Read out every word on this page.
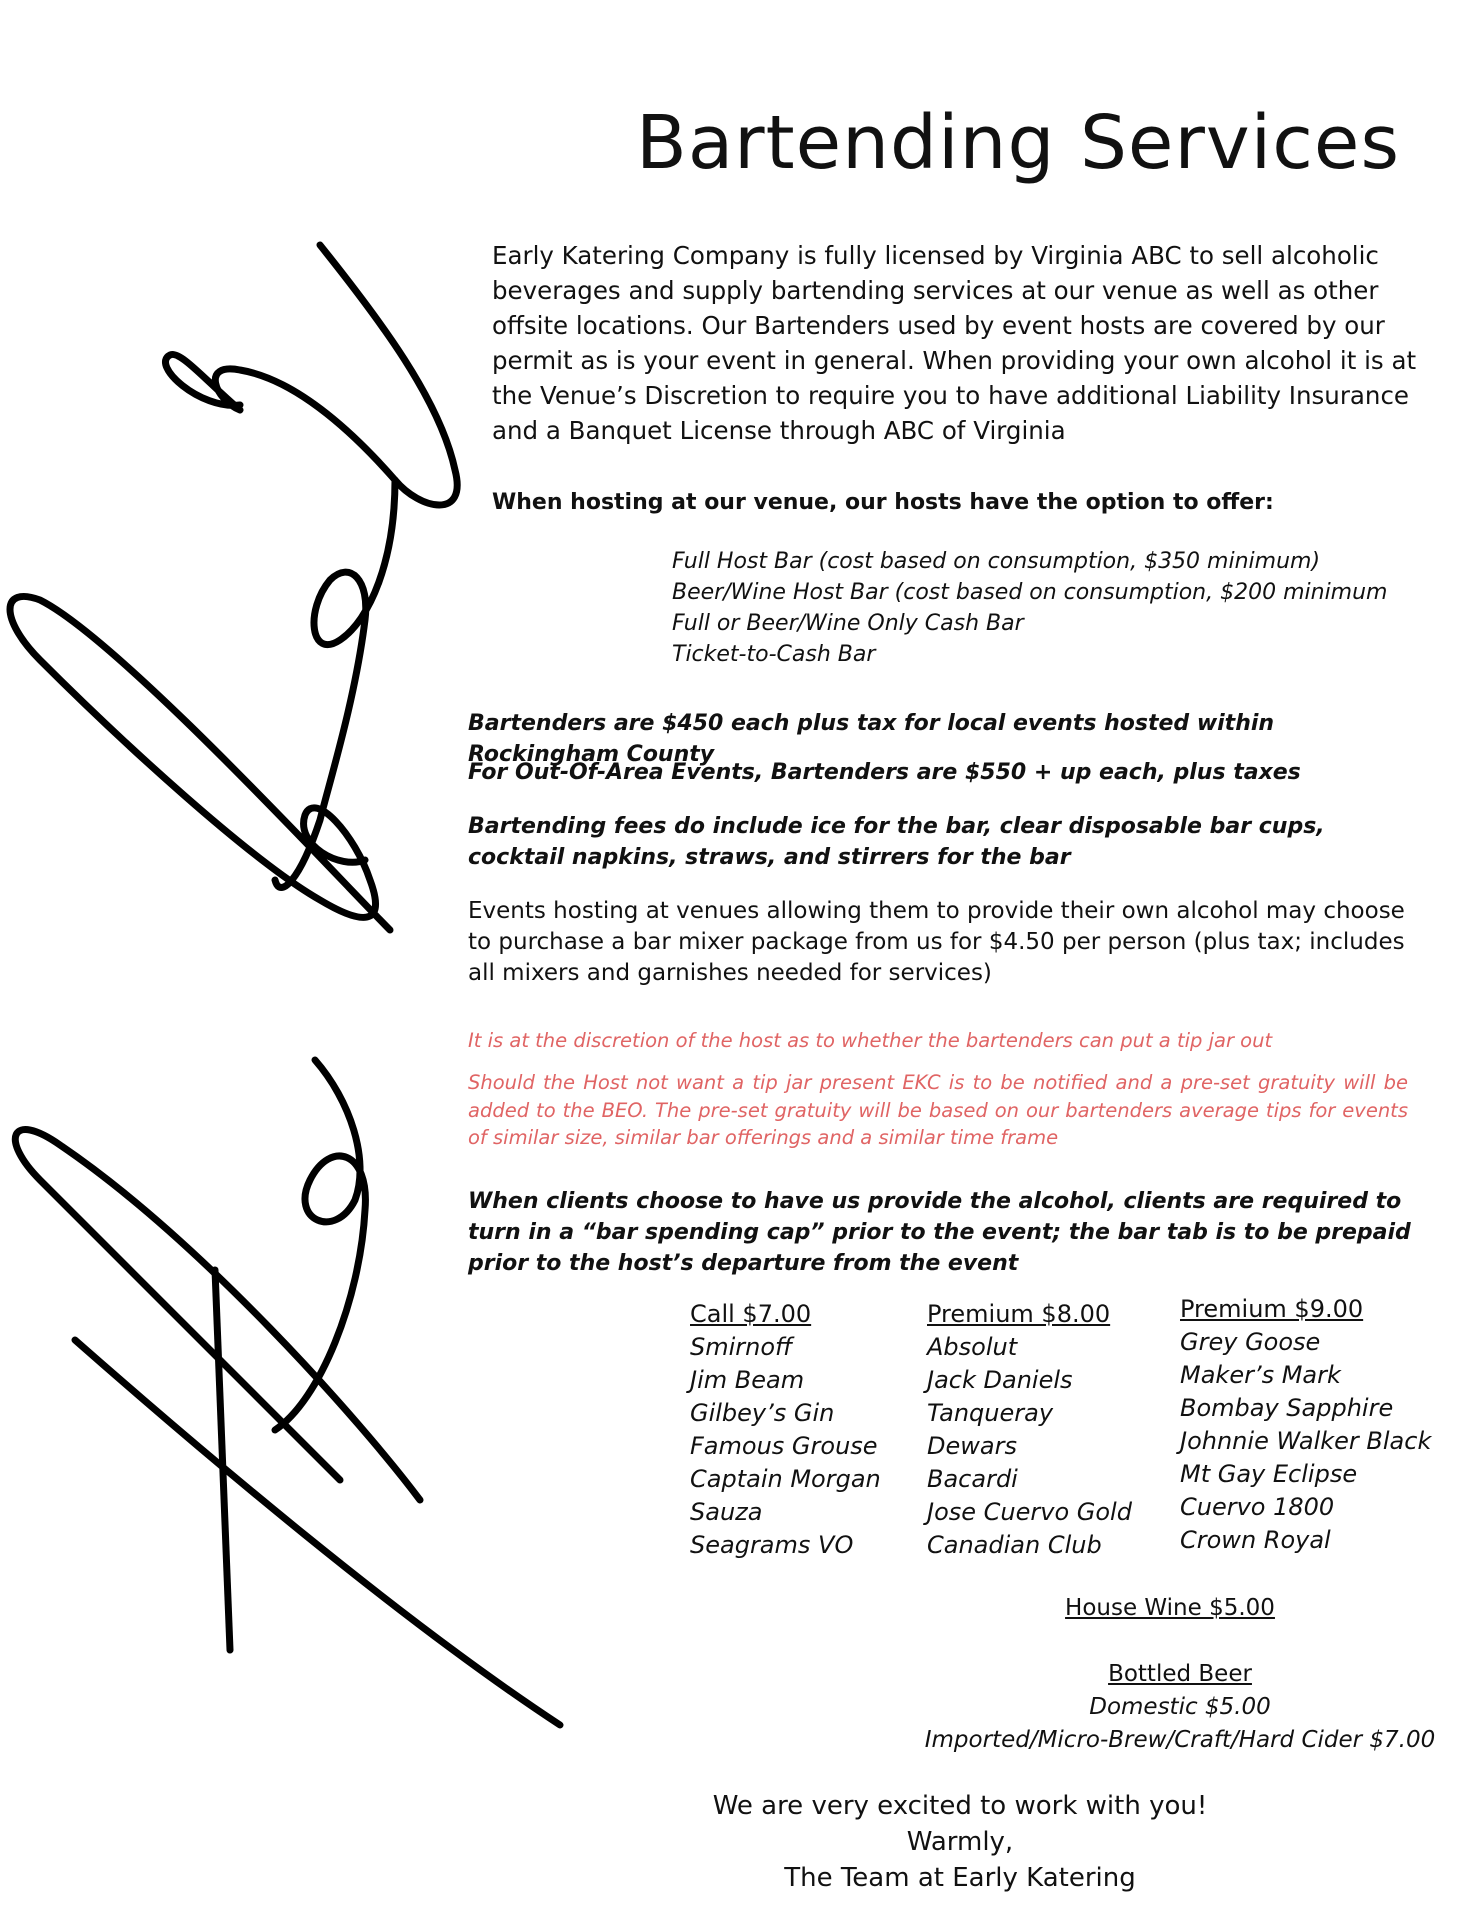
Bartending Services
Early Katering Company is fully licensed by Virginia ABC to sell alcoholic beverages and supply bartending services at our venue as well as other offsite locations. Our Bartenders used by event hosts are covered by our permit as is your event in general. When providing your own alcohol it is at the Venue’s Discretion to require you to have additional Liability Insurance and a Banquet License through ABC of Virginia
When hosting at our venue, our hosts have the option to offer:
Full Host Bar (cost based on consumption, $350 minimum)
Beer/Wine Host Bar (cost based on consumption, $200 minimum
Full or Beer/Wine Only Cash Bar
Ticket-to-Cash Bar
Bartenders are $450 each plus tax for local events hosted within Rockingham County
For Out-Of-Area Events, Bartenders are $550 + up each, plus taxes
Bartending fees do include ice for the bar, clear disposable bar cups, cocktail napkins, straws, and stirrers for the bar
Events hosting at venues allowing them to provide their own alcohol may choose to purchase a bar mixer package from us for $4.50 per person (plus tax; includes all mixers and garnishes needed for services)
It is at the discretion of the host as to whether the bartenders can put a tip jar out
Should the Host not want a tip jar present EKC is to be notified and a pre-set gratuity will be added to the BEO. The pre-set gratuity will be based on our bartenders average tips for events of similar size, similar bar offerings and a similar time frame
When clients choose to have us provide the alcohol, clients are required to turn in a “bar spending cap” prior to the event; the bar tab is to be prepaid prior to the host’s departure from the event
Call $7.00
Smirnoff
Jim Beam
Gilbey’s Gin
Famous Grouse
Captain Morgan
Sauza
Seagrams VO
Premium $8.00
Absolut
Jack Daniels
Tanqueray
Dewars
Bacardi
Jose Cuervo Gold
Canadian Club
Premium $9.00
Grey Goose
Maker’s Mark
Bombay Sapphire
Johnnie Walker Black
Mt Gay Eclipse
Cuervo 1800
Crown Royal
House Wine $5.00
Bottled Beer
Domestic $5.00
Imported/Micro-Brew/Craft/Hard Cider $7.00
We are very excited to work with you!
Warmly,
The Team at Early Katering
